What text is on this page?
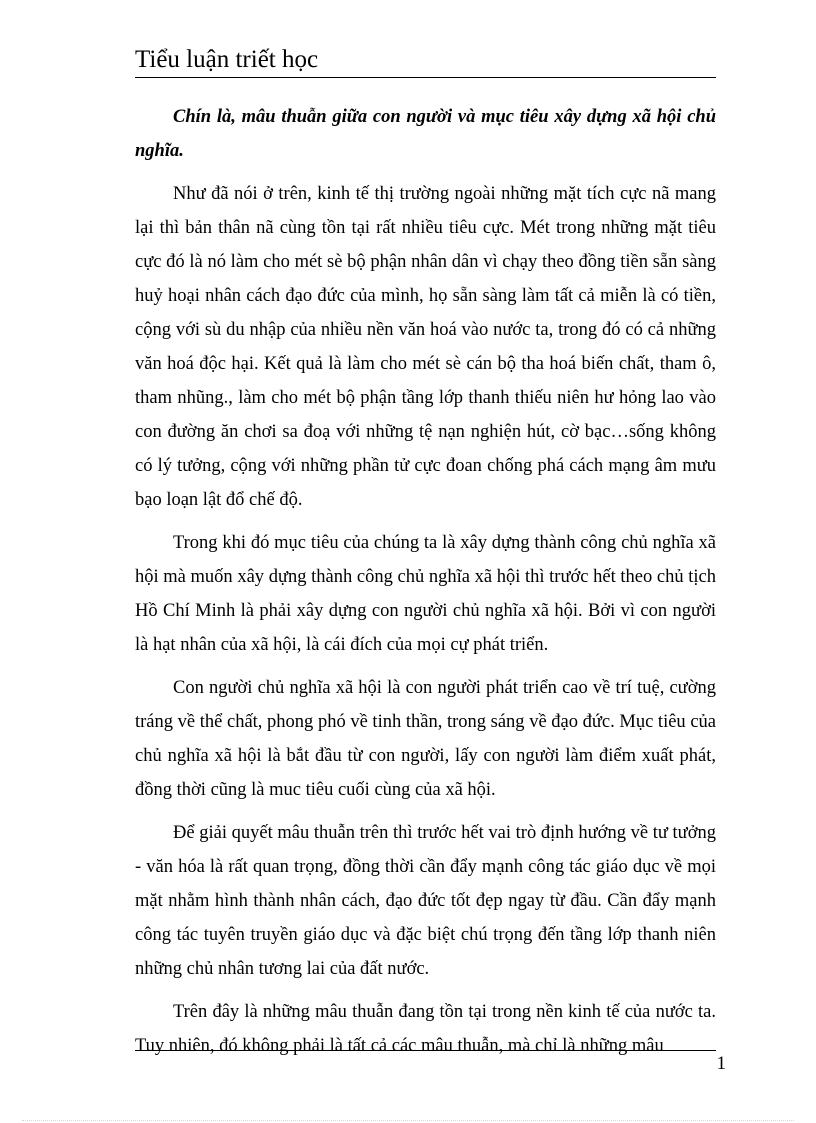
Tiểu luận triết học

Chín là, mâu thuẫn giữa con người và mục tiêu xây dựng xã hội chủ nghĩa.

Như đã nói ở trên, kinh tế thị trường ngoài những mặt tích cực nã mang lại thì bản thân nã cùng tồn tại rất nhiều tiêu cực. Mét trong những mặt tiêu cực đó là nó làm cho mét sè bộ phận nhân dân vì chạy theo đồng tiền sẵn sàng huỷ hoại nhân cách đạo đức của mình, họ sẵn sàng làm tất cả miễn là có tiền, cộng với sù du nhập của nhiều nền văn hoá vào nước ta, trong đó có cả những văn hoá độc hại. Kết quả là làm cho mét sè cán bộ tha hoá biến chất, tham ô, tham nhũng., làm cho mét bộ phận tầng lớp thanh thiếu niên hư hỏng lao vào con đường ăn chơi sa đoạ với những tệ nạn nghiện hút, cờ bạc…sống không có lý tưởng, cộng với những phần tử cực đoan chống phá cách mạng âm mưu bạo loạn lật đổ chế độ.

Trong khi đó mục tiêu của chúng ta là xây dựng thành công chủ nghĩa xã hội mà muốn xây dựng thành công chủ nghĩa xã hội thì trước hết theo chủ tịch Hồ Chí Minh là phải xây dựng con người chủ nghĩa xã hội. Bởi vì con người là hạt nhân của xã hội, là cái đích của mọi cự phát triển.

Con người chủ nghĩa xã hội là con người phát triển cao về trí tuệ, cường tráng về thể chất, phong phó về tinh thần, trong sáng về đạo đức. Mục tiêu của chủ nghĩa xã hội là bắt đầu từ con người, lấy con người làm điểm xuất phát, đồng thời cũng là muc tiêu cuối cùng của xã hội.

Để giải quyết mâu thuẫn trên thì trước hết vai trò định hướng về tư tưởng - văn hóa là rất quan trọng, đồng thời cần đẩy mạnh công tác giáo dục về mọi mặt nhằm hình thành nhân cách, đạo đức tốt đẹp ngay từ đầu. Cần đẩy mạnh công tác tuyên truyền giáo dục và đặc biệt chú trọng đến tầng lớp thanh niên những chủ nhân tương lai của đất nước.

Trên đây là những mâu thuẫn đang tồn tại trong nền kinh tế của nước ta. Tuy nhiên, đó không phải là tất cả các mâu thuẫn, mà chỉ là những mâu

1
